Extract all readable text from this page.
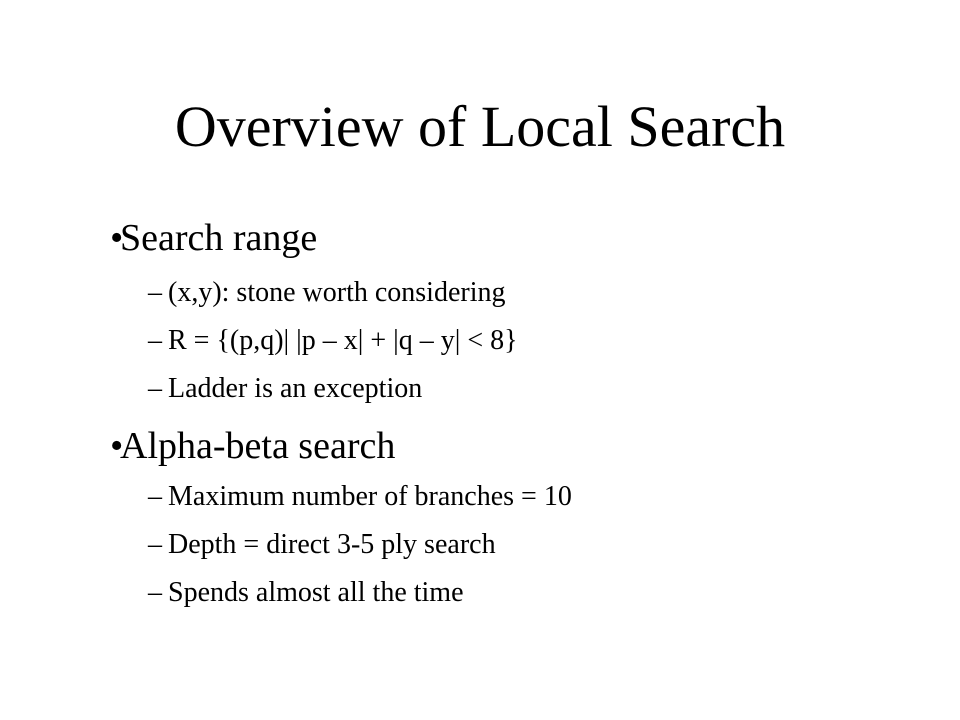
Overview of Local Search
•Search range
– (x,y): stone worth considering
– R = {(p,q)| |p – x| + |q – y| < 8}
– Ladder is an exception
•Alpha-beta search
– Maximum number of branches = 10
– Depth = direct 3-5 ply search
– Spends almost all the time
